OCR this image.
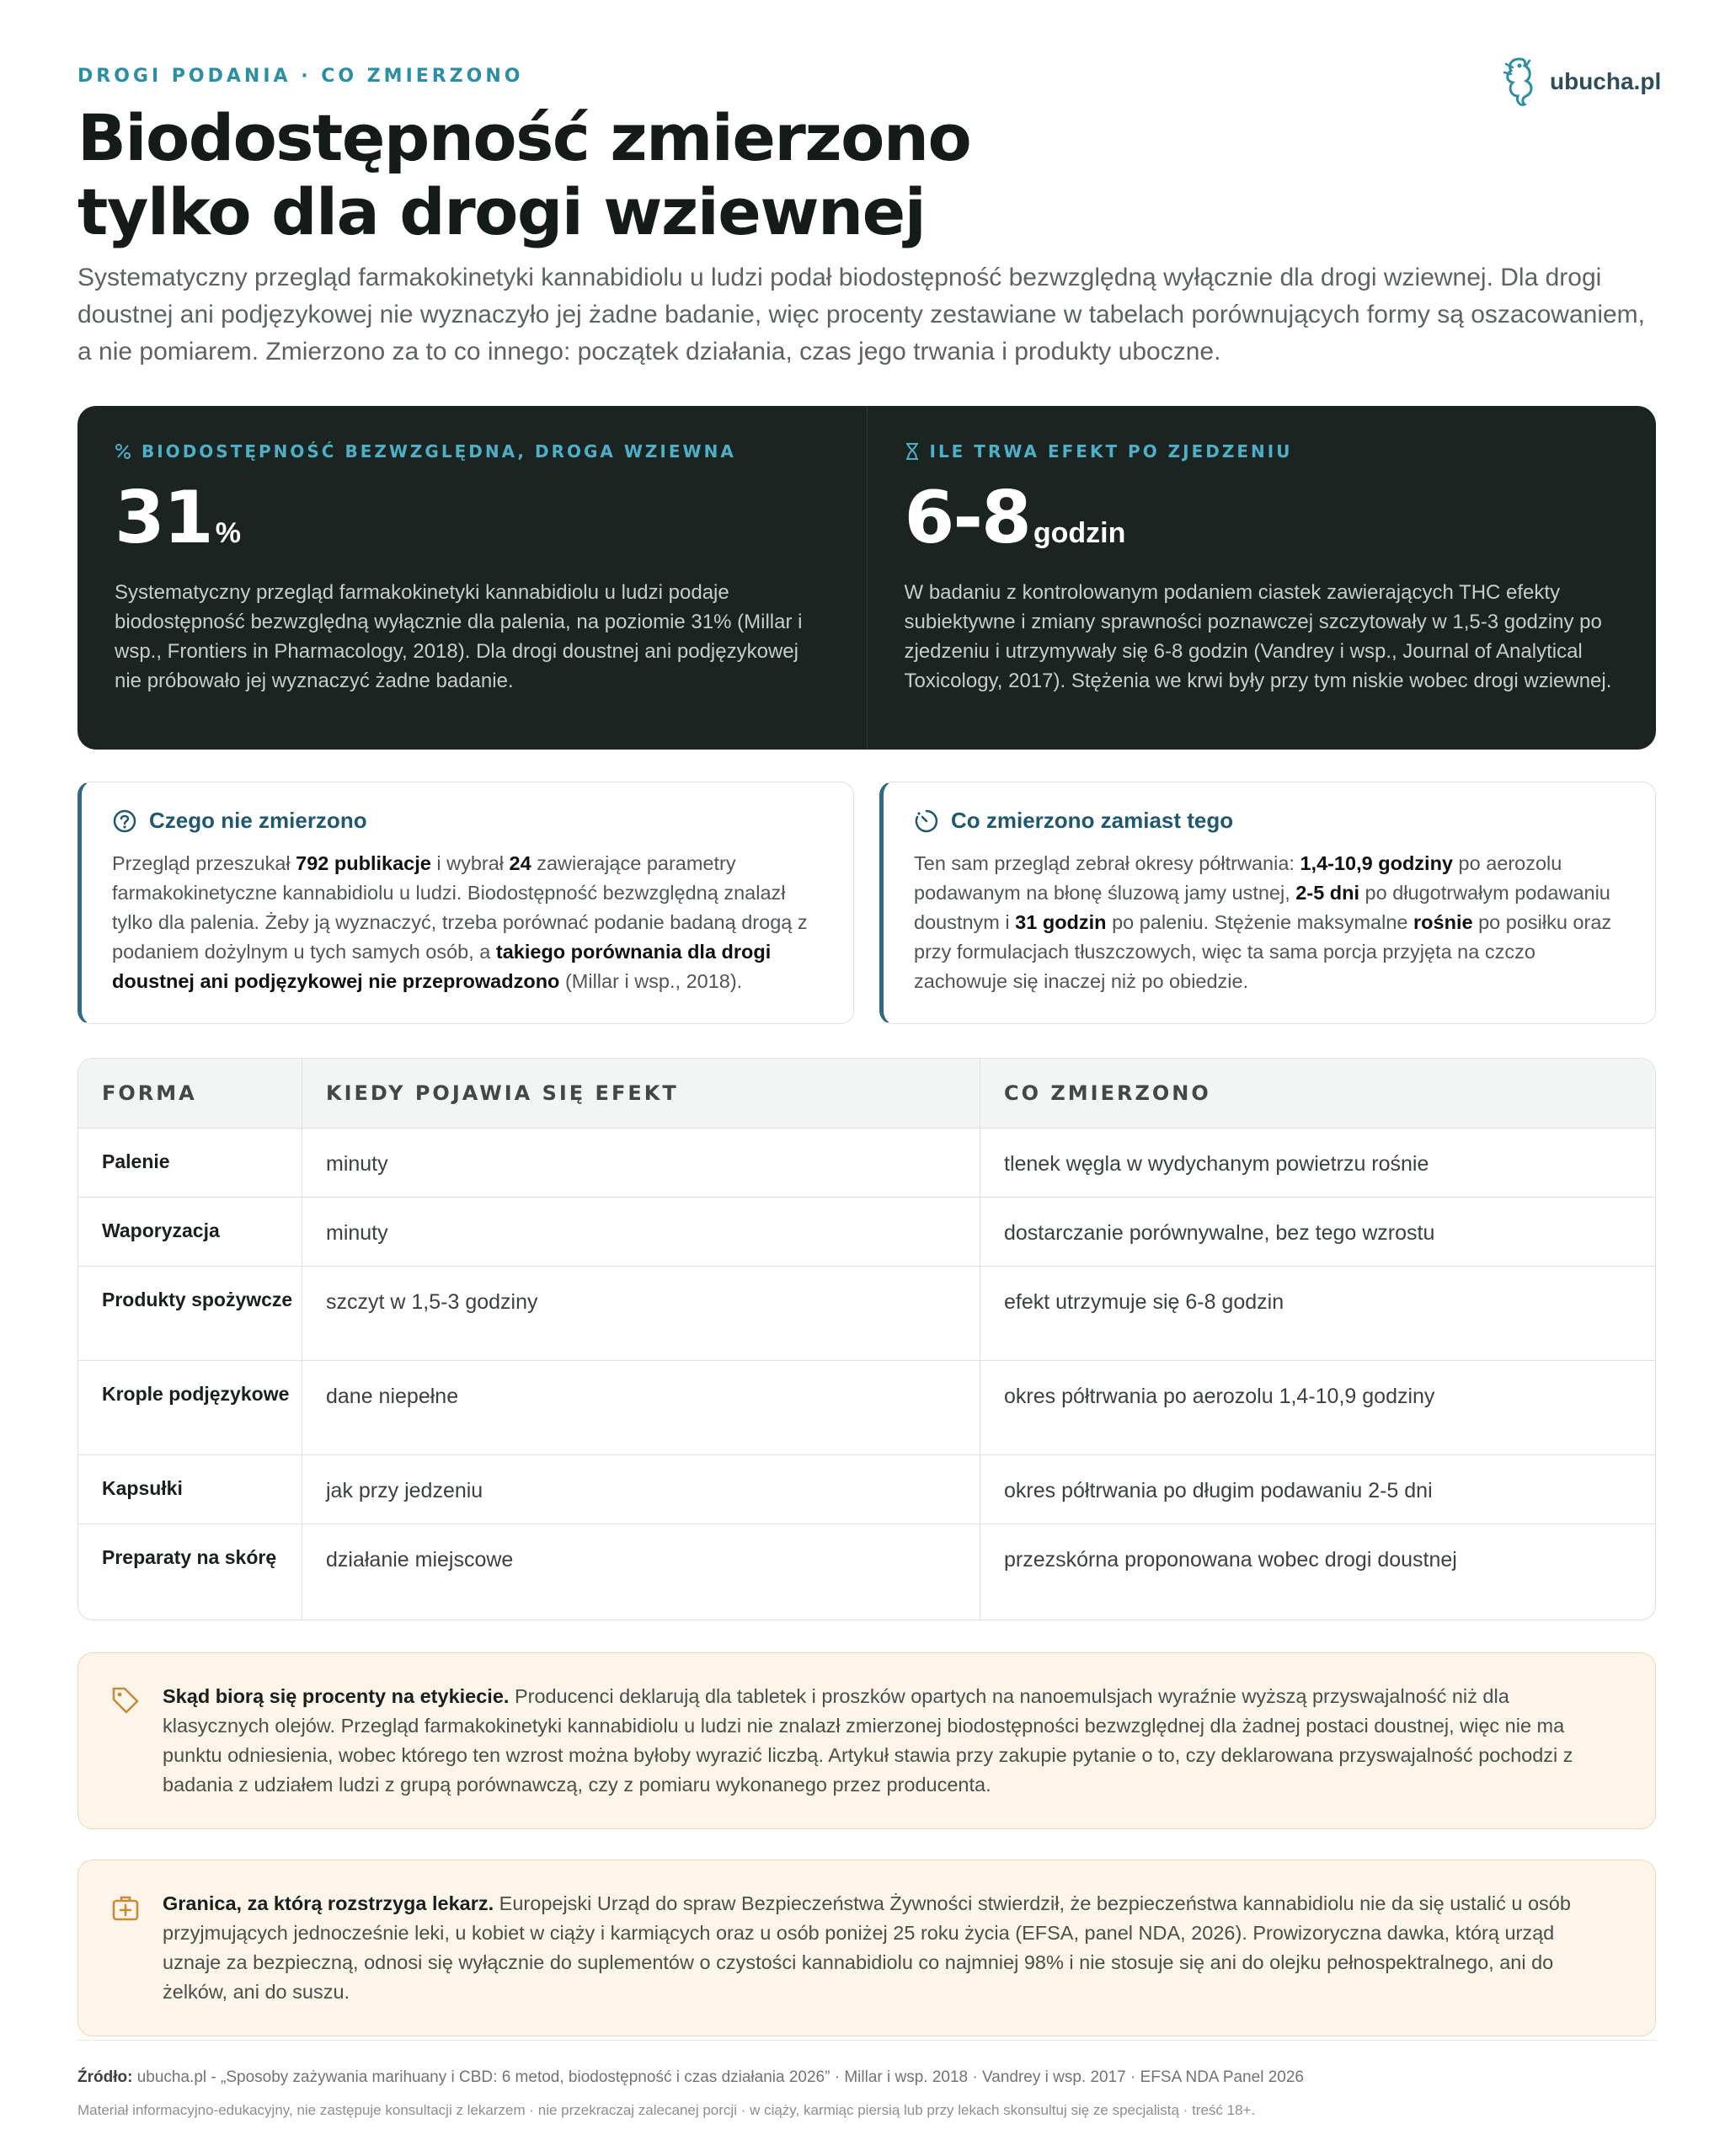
DROGI PODANIA · CO ZMIERZONO	ubucha.pl
Biodostępność zmierzono
tylko dla drogi wziewnej
Systematyczny przegląd farmakokinetyki kannabidiolu u ludzi podał biodostępność bezwzględną wyłącznie dla drogi wziewnej. Dla drogi doustnej ani podjęzykowej nie wyznaczyło jej żadne badanie, więc procenty zestawiane w tabelach porównujących formy są oszacowaniem, a nie pomiarem. Zmierzono za to co innego: początek działania, czas jego trwania i produkty uboczne.
BIODOSTĘPNOŚĆ BEZWZGLĘDNA, DROGA WZIEWNA
31 %
Systematyczny przegląd farmakokinetyki kannabidiolu u ludzi podaje biodostępność bezwzględną wyłącznie dla palenia, na poziomie 31% (Millar i wsp., Frontiers in Pharmacology, 2018). Dla drogi doustnej ani podjęzykowej nie próbowało jej wyznaczyć żadne badanie.
ILE TRWA EFEKT PO ZJEDZENIU
6-8 godzin
W badaniu z kontrolowanym podaniem ciastek zawierających THC efekty subiektywne i zmiany sprawności poznawczej szczytowały w 1,5-3 godziny po zjedzeniu i utrzymywały się 6-8 godzin (Vandrey i wsp., Journal of Analytical Toxicology, 2017). Stężenia we krwi były przy tym niskie wobec drogi wziewnej.
Czego nie zmierzono
Przegląd przeszukał 792 publikacje i wybrał 24 zawierające parametry farmakokinetyczne kannabidiolu u ludzi. Biodostępność bezwzględną znalazł tylko dla palenia. Żeby ją wyznaczyć, trzeba porównać podanie badaną drogą z podaniem dożylnym u tych samych osób, a takiego porównania dla drogi doustnej ani podjęzykowej nie przeprowadzono (Millar i wsp., 2018).
Co zmierzono zamiast tego
Ten sam przegląd zebrał okresy półtrwania: 1,4-10,9 godziny po aerozolu podawanym na błonę śluzową jamy ustnej, 2-5 dni po długotrwałym podawaniu doustnym i 31 godzin po paleniu. Stężenie maksymalne rośnie po posiłku oraz przy formulacjach tłuszczowych, więc ta sama porcja przyjęta na czczo zachowuje się inaczej niż po obiedzie.
FORMA	KIEDY POJAWIA SIĘ EFEKT	CO ZMIERZONO
Palenie	minuty	tlenek węgla w wydychanym powietrzu rośnie
Waporyzacja	minuty	dostarczanie porównywalne, bez tego wzrostu
Produkty spożywcze	szczyt w 1,5-3 godziny	efekt utrzymuje się 6-8 godzin
Krople podjęzykowe	dane niepełne	okres półtrwania po aerozolu 1,4-10,9 godziny
Kapsułki	jak przy jedzeniu	okres półtrwania po długim podawaniu 2-5 dni
Preparaty na skórę	działanie miejscowe	przezskórna proponowana wobec drogi doustnej
Skąd biorą się procenty na etykiecie. Producenci deklarują dla tabletek i proszków opartych na nanoemulsjach wyraźnie wyższą przyswajalność niż dla klasycznych olejów. Przegląd farmakokinetyki kannabidiolu u ludzi nie znalazł zmierzonej biodostępności bezwzględnej dla żadnej postaci doustnej, więc nie ma punktu odniesienia, wobec którego ten wzrost można byłoby wyrazić liczbą. Artykuł stawia przy zakupie pytanie o to, czy deklarowana przyswajalność pochodzi z badania z udziałem ludzi z grupą porównawczą, czy z pomiaru wykonanego przez producenta.
Granica, za którą rozstrzyga lekarz. Europejski Urząd do spraw Bezpieczeństwa Żywności stwierdził, że bezpieczeństwa kannabidiolu nie da się ustalić u osób przyjmujących jednocześnie leki, u kobiet w ciąży i karmiących oraz u osób poniżej 25 roku życia (EFSA, panel NDA, 2026). Prowizoryczna dawka, którą urząd uznaje za bezpieczną, odnosi się wyłącznie do suplementów o czystości kannabidiolu co najmniej 98% i nie stosuje się ani do olejku pełnospektralnego, ani do żelków, ani do suszu.
Źródło: ubucha.pl - „Sposoby zażywania marihuany i CBD: 6 metod, biodostępność i czas działania 2026” · Millar i wsp. 2018 · Vandrey i wsp. 2017 · EFSA NDA Panel 2026
Materiał informacyjno-edukacyjny, nie zastępuje konsultacji z lekarzem · nie przekraczaj zalecanej porcji · w ciąży, karmiąc piersią lub przy lekach skonsultuj się ze specjalistą · treść 18+.
